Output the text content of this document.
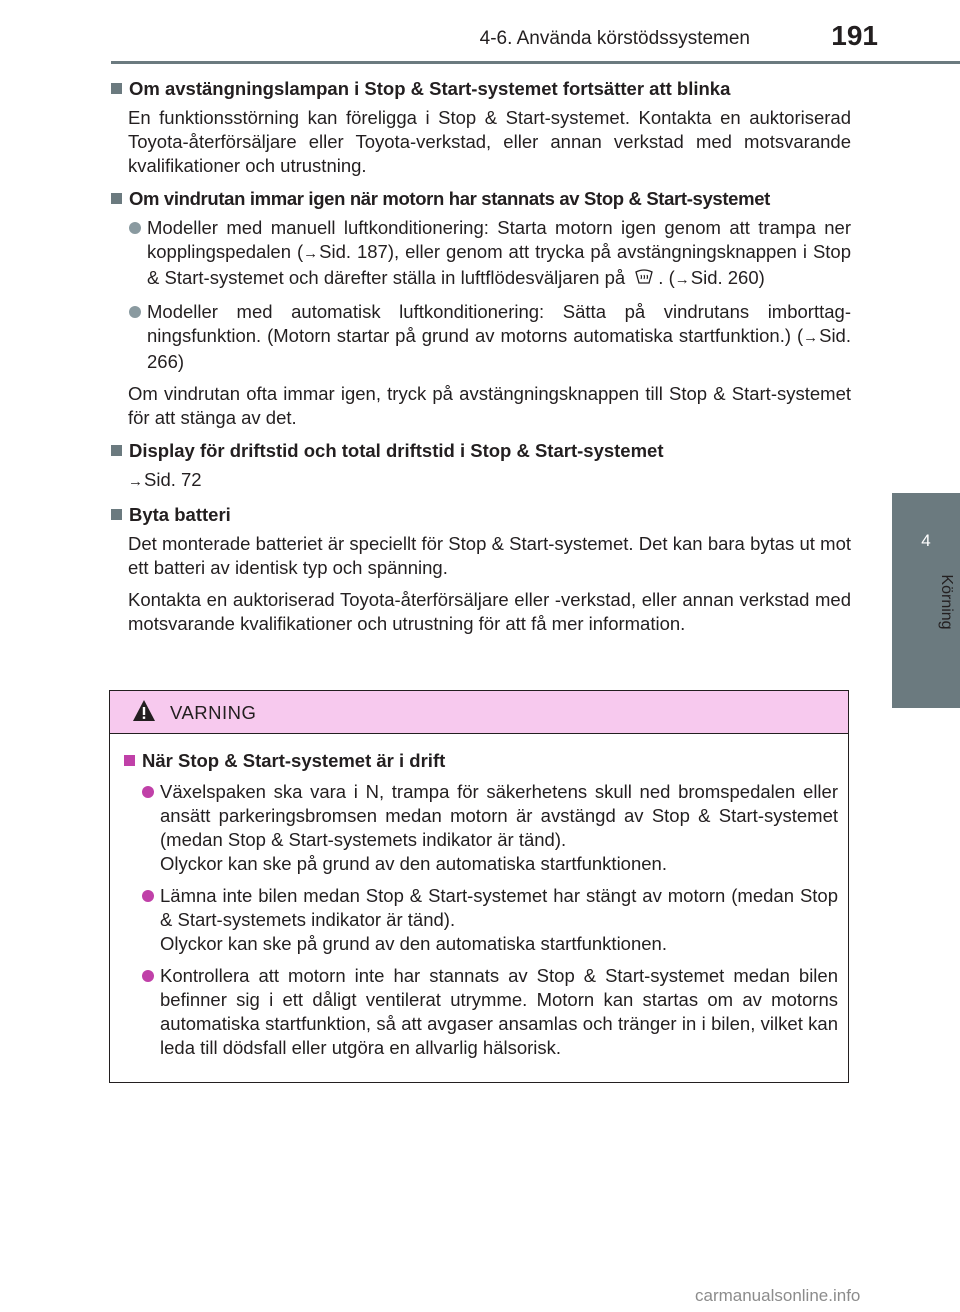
4-6. Använda körstödssystemen	191
4
Körning
Om avstängningslampan i Stop & Start-systemet fortsätter att blinka
En funktionsstörning kan föreligga i Stop & Start-systemet. Kontakta en auktoriserad Toyota-återförsäljare eller Toyota-verkstad, eller annan verkstad med motsvarande kvalifikationer och utrustning.
Om vindrutan immar igen när motorn har stannats av Stop & Start-systemet
Modeller med manuell luftkonditionering: Starta motorn igen genom att trampa ner kopplingspedalen (→Sid. 187), eller genom att trycka på avstängningsknappen i Stop & Start-systemet och därefter ställa in luftflödesväljaren på . (→Sid. 260)
Modeller med automatisk luftkonditionering: Sätta på vindrutans imborttagningsfunktion. (Motorn startar på grund av motorns automatiska startfunktion.) (→Sid. 266)
Om vindrutan ofta immar igen, tryck på avstängningsknappen till Stop & Start-systemet för att stänga av det.
Display för driftstid och total driftstid i Stop & Start-systemet
→Sid. 72
Byta batteri
Det monterade batteriet är speciellt för Stop & Start-systemet. Det kan bara bytas ut mot ett batteri av identisk typ och spänning.
Kontakta en auktoriserad Toyota-återförsäljare eller -verkstad, eller annan verkstad med motsvarande kvalifikationer och utrustning för att få mer information.
VARNING
När Stop & Start-systemet är i drift
Växelspaken ska vara i N, trampa för säkerhetens skull ned bromspedalen eller ansätt parkeringsbromsen medan motorn är avstängd av Stop & Start-systemet (medan Stop & Start-systemets indikator är tänd).
Olyckor kan ske på grund av den automatiska startfunktionen.
Lämna inte bilen medan Stop & Start-systemet har stängt av motorn (medan Stop & Start-systemets indikator är tänd).
Olyckor kan ske på grund av den automatiska startfunktionen.
Kontrollera att motorn inte har stannats av Stop & Start-systemet medan bilen befinner sig i ett dåligt ventilerat utrymme. Motorn kan startas om av motorns automatiska startfunktion, så att avgaser ansamlas och tränger in i bilen, vilket kan leda till dödsfall eller utgöra en allvarlig hälsorisk.
carmanualsonline.info
